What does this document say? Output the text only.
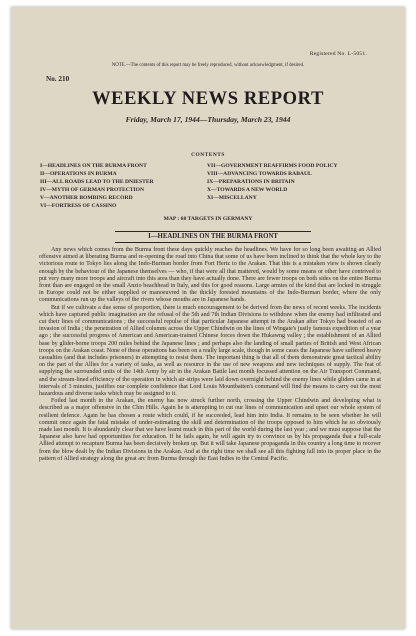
Registered No. L-5051.
NOTE.—The contents of this report may be freely reproduced, without acknowledgment, if desired.
No. 210
WEEKLY NEWS REPORT
Friday, March 17, 1944—Thursday, March 23, 1944
CONTENTS
I—HEADLINES ON THE BURMA FRONT
II—OPERATIONS IN BURMA
III—ALL ROADS LEAD TO THE DNIESTER
IV—MYTH OF GERMAN PROTECTION
V—ANOTHER BOMBING RECORD
VI—FORTRESS OF CASSINO
VII—GOVERNMENT REAFFIRMS FOOD POLICY
VIII—ADVANCING TOWARDS RABAUL
IX—PREPARATIONS IN BRITAIN
X—TOWARDS A NEW WORLD
XI—MISCELLANY
MAP : 68 TARGETS IN GERMANY
I—HEADLINES ON THE BURMA FRONT

Any news which comes from the Burma front these days quickly reaches the headlines. We have for so long been awaiting an Allied offensive aimed at liberating Burma and re-opening the road into China that some of us have been inclined to think that the whole key to the victorious route to Tokyo lies along the Indo-Burman border from Fort Hertz to the Arakan. That this is a mistaken view is shown clearly enough by the behaviour of the Japanese themselves — who, if that were all that mattered, would by some means or other have contrived to put very many more troops and aircraft into this area than they have actually done. There are fewer troops on both sides on the entire Burma front than are engaged on the small Anzio beachhead in Italy, and this for good reasons. Large armies of the kind that are locked in struggle in Europe could not be either supplied or manoeuvred in the thickly forested mountains of the Indo-Burman border, where the only communications run up the valleys of the rivers whose mouths are in Japanese hands.

But if we cultivate a due sense of proportion, there is much encouragement to be derived from the news of recent weeks. The incidents which have captured public imagination are the refusal of the 5th and 7th Indian Divisions to withdraw when the enemy had infiltrated and cut their lines of communications ; the successful repulse of that particular Japanese attempt in the Arakan after Tokyo had boasted of an invasion of India ; the penetration of Allied columns across the Upper Chindwin on the lines of Wingate's justly famous expedition of a year ago ; the successful progress of American and American-trained Chinese forces down the Hukawng valley ; the establishment of an Allied base by glider-borne troops 200 miles behind the Japanese lines ; and perhaps also the landing of small parties of British and West African troops on the Arakan coast. None of these operations has been on a really large scale, though in some cases the Japanese have suffered heavy casualties (and that includes prisoners) in attempting to resist them. The important thing is that all of them demonstrate great tactical ability on the part of the Allies for a variety of tasks, as well as resource in the use of new weapons and new techniques of supply. The feat of supplying the surrounded units of the 14th Army by air in the Arakan Battle last month focussed attention on the Air Transport Command, and the stream-lined efficiency of the operation in which air-strips were laid down overnight behind the enemy lines while gliders came in at intervals of 3 minutes, justifies our complete confidence that Lord Louis Mountbatten's command will find the means to carry out the most hazardous and diverse tasks which may be assigned to it.

Foiled last month in the Arakan, the enemy has now struck further north, crossing the Upper Chindwin and developing what is described as a major offensive in the Chin Hills. Again he is attempting to cut our lines of communication and upset our whole system of resilient defence. Again he has chosen a route which could, if he succeeded, lead him into India. It remains to be seen whether he will commit once again the fatal mistake of under-estimating the skill and determination of the troops opposed to him which he so obviously made last month. It is abundantly clear that we have learnt much in this part of the world during the last year ; and we must suppose that the Japanese also have had opportunities for education. If he fails again, he will again try to convince us by his propaganda that a full-scale Allied attempt to recapture Burma has been decisively broken up. But it will take Japanese propaganda in this country a long time to recover from the blow dealt by the Indian Divisions in the Arakan. And at the right time we shall see all this fighting fall into its proper place in the pattern of Allied strategy along the great arc from Burma through the East Indies to the Central Pacific.
